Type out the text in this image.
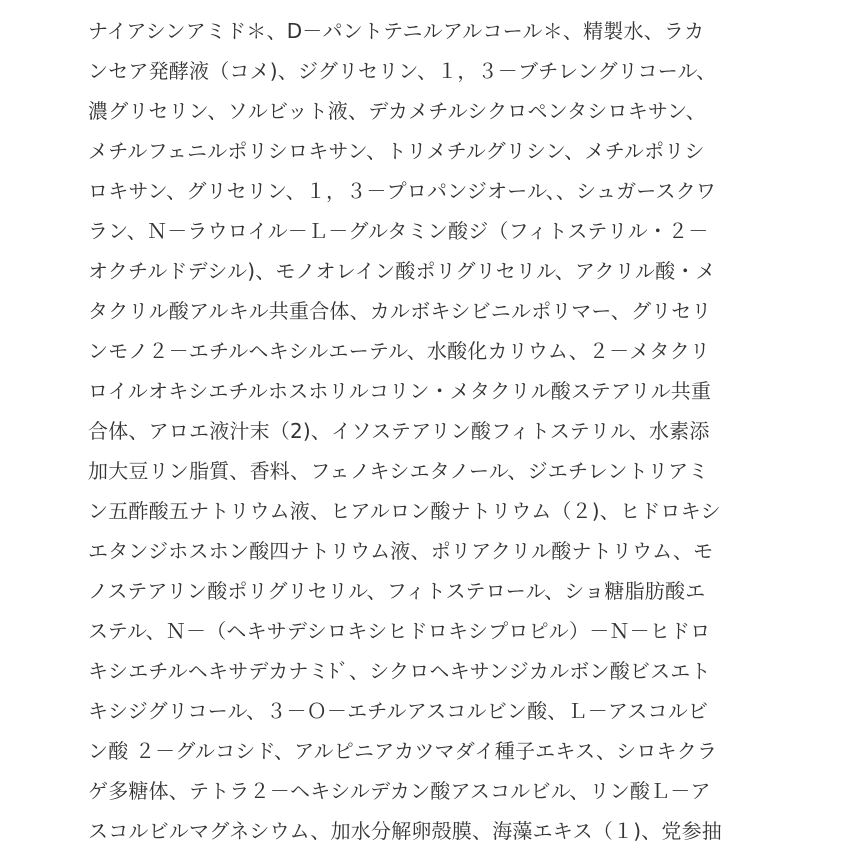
ナイアシンアミド＊、D－パントテニルアルコール＊、精製水、ラカ
ンセア発酵液（コメ)、ジグリセリン、１，３－ブチレングリコール、
濃グリセリン、ソルビット液、デカメチルシクロペンタシロキサン、
メチルフェニルポリシロキサン、トリメチルグリシン、メチルポリシ
ロキサン、グリセリン、１，３－プロパンジオール、、シュガースクワ
ラン、Ｎ－ラウロイル－Ｌ－グルタミン酸ジ（フィトステリル・２－
オクチルドデシル)、モノオレイン酸ポリグリセリル、アクリル酸・メ
タクリル酸アルキル共重合体、カルボキシビニルポリマー、グリセリ
ンモノ２－エチルヘキシルエーテル、水酸化カリウム、２－メタクリ
ロイルオキシエチルホスホリルコリン・メタクリル酸ステアリル共重
合体、アロエ液汁末（2)、イソステアリン酸フィトステリル、水素添
加大豆リン脂質、香料、フェノキシエタノール、ジエチレントリアミ
ン五酢酸五ナトリウム液、ヒアルロン酸ナトリウム（２)、ヒドロキシ
エタンジホスホン酸四ナトリウム液、ポリアクリル酸ナトリウム、モ
ノステアリン酸ポリグリセリル、フィトステロール、ショ糖脂肪酸エ
ステル、Ｎ－（ヘキサデシロキシヒドロキシプロピル）－Ｎ－ヒドロ
キシエチルヘキサデカナミﾄﾞ、シクロヘキサンジカルボン酸ビスエト
キシジグリコール、３－Ｏ－エチルアスコルビン酸、Ｌ－アスコルビ
ン酸 ２－グルコシド、アルピニアカツマダイ種子エキス、シロキクラ
ゲ多糖体、テトラ２－ヘキシルデカン酸アスコルビル、リン酸Ｌ－ア
スコルビルマグネシウム、加水分解卵殻膜、海藻エキス（１)、党参抽
